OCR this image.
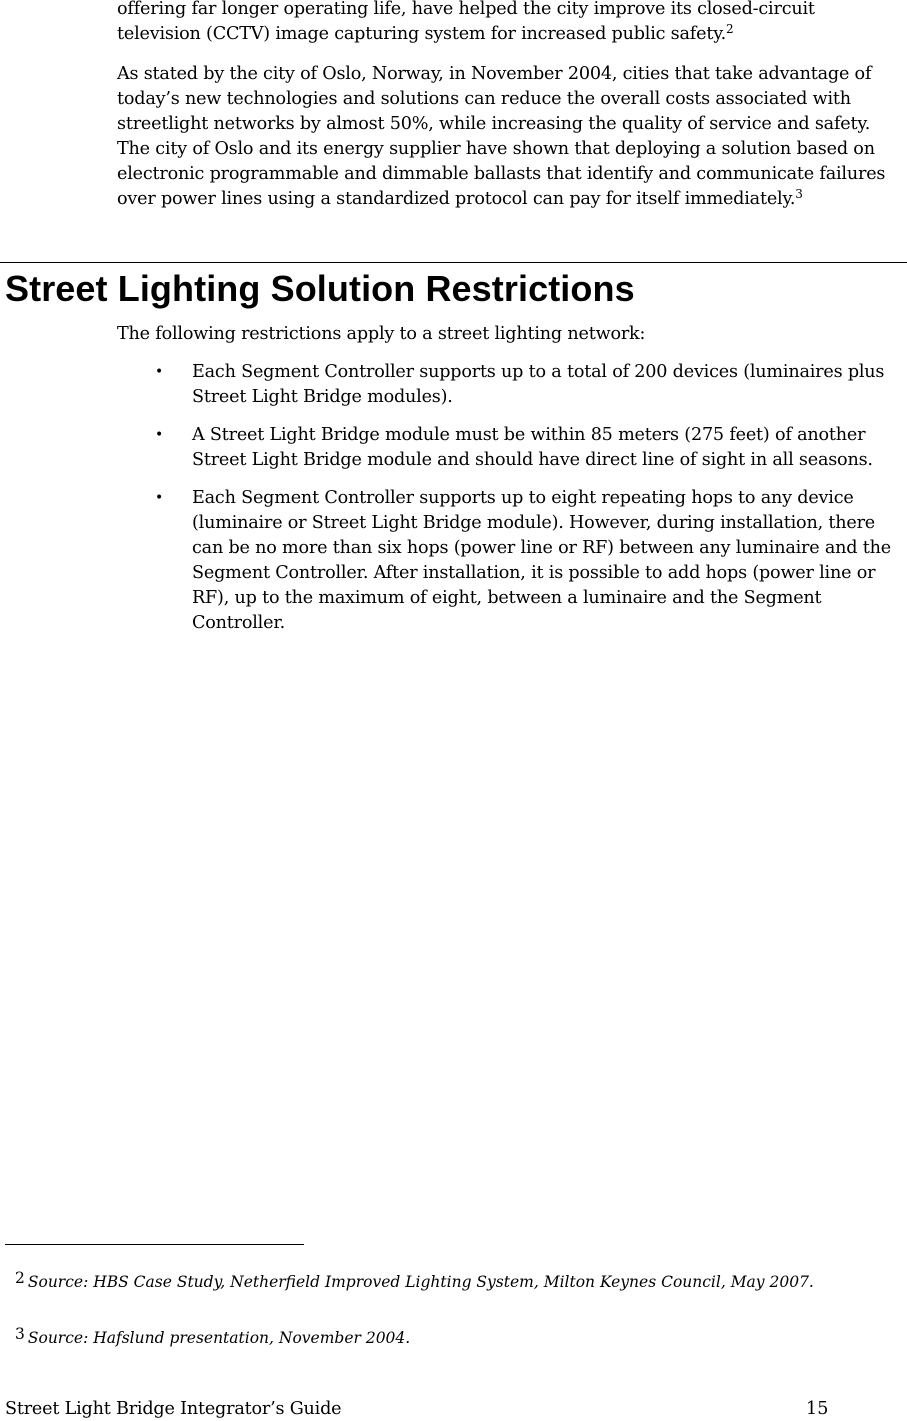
offering far longer operating life, have helped the city improve its closed-circuit television (CCTV) image capturing system for increased public safety.$^2$

As stated by the city of Oslo, Norway, in November 2004, cities that take advantage of today’s new technologies and solutions can reduce the overall costs associated with streetlight networks by almost 50%, while increasing the quality of service and safety. The city of Oslo and its energy supplier have shown that deploying a solution based on electronic programmable and dimmable ballasts that identify and communicate failures over power lines using a standardized protocol can pay for itself immediately.$^3$

Street Lighting Solution Restrictions

The following restrictions apply to a street lighting network:

• Each Segment Controller supports up to a total of 200 devices (luminaires plus Street Light Bridge modules).
• A Street Light Bridge module must be within 85 meters (275 feet) of another Street Light Bridge module and should have direct line of sight in all seasons.
• Each Segment Controller supports up to eight repeating hops to any device (luminaire or Street Light Bridge module). However, during installation, there can be no more than six hops (power line or RF) between any luminaire and the Segment Controller. After installation, it is possible to add hops (power line or RF), up to the maximum of eight, between a luminaire and the Segment Controller.

2 Source: HBS Case Study, Netherfield Improved Lighting System, Milton Keynes Council, May 2007.

3 Source: Hafslund presentation, November 2004.

Street Light Bridge Integrator’s Guide	15
